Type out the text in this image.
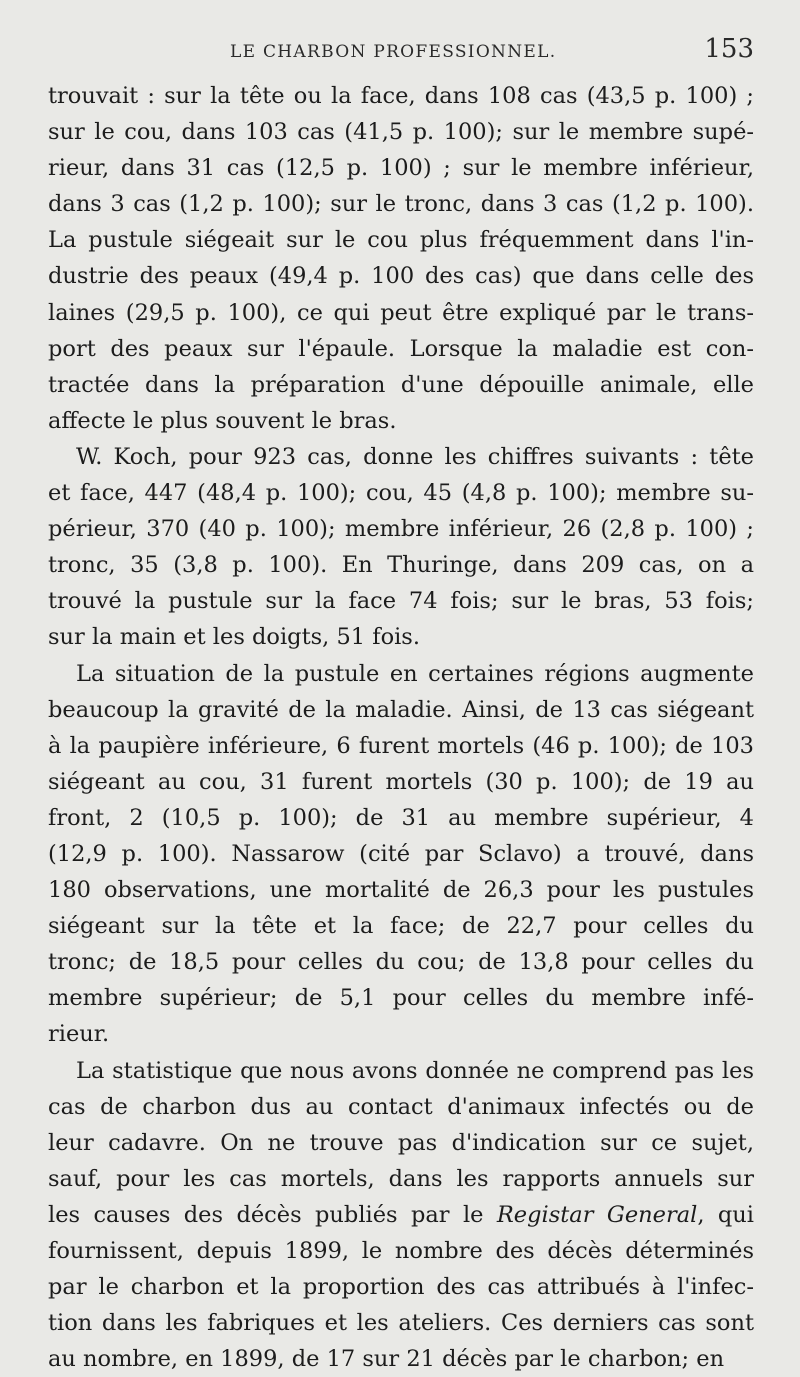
LE CHARBON PROFESSIONNEL.	153

trouvait : sur la tête ou la face, dans 108 cas (43,5 p. 100) ;

sur le cou, dans 103 cas (41,5 p. 100); sur le membre supé-

rieur, dans 31 cas (12,5 p. 100) ; sur le membre inférieur,

dans 3 cas (1,2 p. 100); sur le tronc, dans 3 cas (1,2 p. 100).

La pustule siégeait sur le cou plus fréquemment dans l'in-

dustrie des peaux (49,4 p. 100 des cas) que dans celle des

laines (29,5 p. 100), ce qui peut être expliqué par le trans-

port des peaux sur l'épaule. Lorsque la maladie est con-

tractée dans la préparation d'une dépouille animale, elle

affecte le plus souvent le bras.

W. Koch, pour 923 cas, donne les chiffres suivants : tête

et face, 447 (48,4 p. 100); cou, 45 (4,8 p. 100); membre su-

périeur, 370 (40 p. 100); membre inférieur, 26 (2,8 p. 100) ;

tronc, 35 (3,8 p. 100). En Thuringe, dans 209 cas, on a

trouvé la pustule sur la face 74 fois; sur le bras, 53 fois;

sur la main et les doigts, 51 fois.

La situation de la pustule en certaines régions augmente

beaucoup la gravité de la maladie. Ainsi, de 13 cas siégeant

à la paupière inférieure, 6 furent mortels (46 p. 100); de 103

siégeant au cou, 31 furent mortels (30 p. 100); de 19 au

front, 2 (10,5 p. 100); de 31 au membre supérieur, 4

(12,9 p. 100). Nassarow (cité par Sclavo) a trouvé, dans

180 observations, une mortalité de 26,3 pour les pustules

siégeant sur la tête et la face; de 22,7 pour celles du

tronc; de 18,5 pour celles du cou; de 13,8 pour celles du

membre supérieur; de 5,1 pour celles du membre infé-

rieur.

La statistique que nous avons donnée ne comprend pas les

cas de charbon dus au contact d'animaux infectés ou de

leur cadavre. On ne trouve pas d'indication sur ce sujet,

sauf, pour les cas mortels, dans les rapports annuels sur

les causes des décès publiés par le Registar General, qui

fournissent, depuis 1899, le nombre des décès déterminés

par le charbon et la proportion des cas attribués à l'infec-

tion dans les fabriques et les ateliers. Ces derniers cas sont

au nombre, en 1899, de 17 sur 21 décès par le charbon; en
